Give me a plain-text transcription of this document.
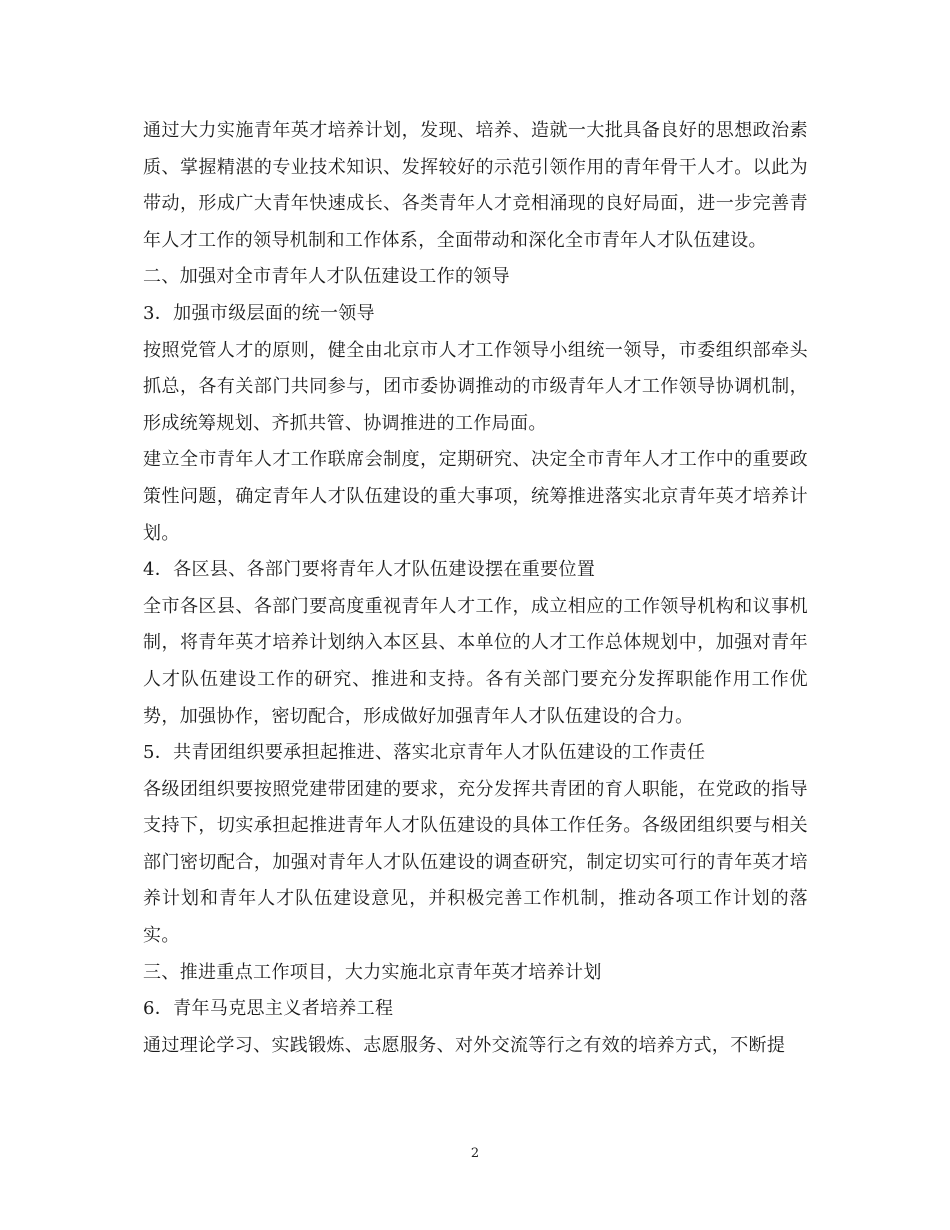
通过大力实施青年英才培养计划，发现、培养、造就一大批具备良好的思想政治素质、掌握精湛的专业技术知识、发挥较好的示范引领作用的青年骨干人才。以此为带动，形成广大青年快速成长、各类青年人才竞相涌现的良好局面，进一步完善青年人才工作的领导机制和工作体系，全面带动和深化全市青年人才队伍建设。

二、加强对全市青年人才队伍建设工作的领导

3．加强市级层面的统一领导

按照党管人才的原则，健全由北京市人才工作领导小组统一领导，市委组织部牵头抓总，各有关部门共同参与，团市委协调推动的市级青年人才工作领导协调机制，形成统筹规划、齐抓共管、协调推进的工作局面。

建立全市青年人才工作联席会制度，定期研究、决定全市青年人才工作中的重要政策性问题，确定青年人才队伍建设的重大事项，统筹推进落实北京青年英才培养计划。

4．各区县、各部门要将青年人才队伍建设摆在重要位置

全市各区县、各部门要高度重视青年人才工作，成立相应的工作领导机构和议事机制，将青年英才培养计划纳入本区县、本单位的人才工作总体规划中，加强对青年人才队伍建设工作的研究、推进和支持。各有关部门要充分发挥职能作用工作优势，加强协作，密切配合，形成做好加强青年人才队伍建设的合力。

5．共青团组织要承担起推进、落实北京青年人才队伍建设的工作责任

各级团组织要按照党建带团建的要求，充分发挥共青团的育人职能，在党政的指导支持下，切实承担起推进青年人才队伍建设的具体工作任务。各级团组织要与相关部门密切配合，加强对青年人才队伍建设的调查研究，制定切实可行的青年英才培养计划和青年人才队伍建设意见，并积极完善工作机制，推动各项工作计划的落实。

三、推进重点工作项目，大力实施北京青年英才培养计划

6．青年马克思主义者培养工程

通过理论学习、实践锻炼、志愿服务、对外交流等行之有效的培养方式，不断提

2
